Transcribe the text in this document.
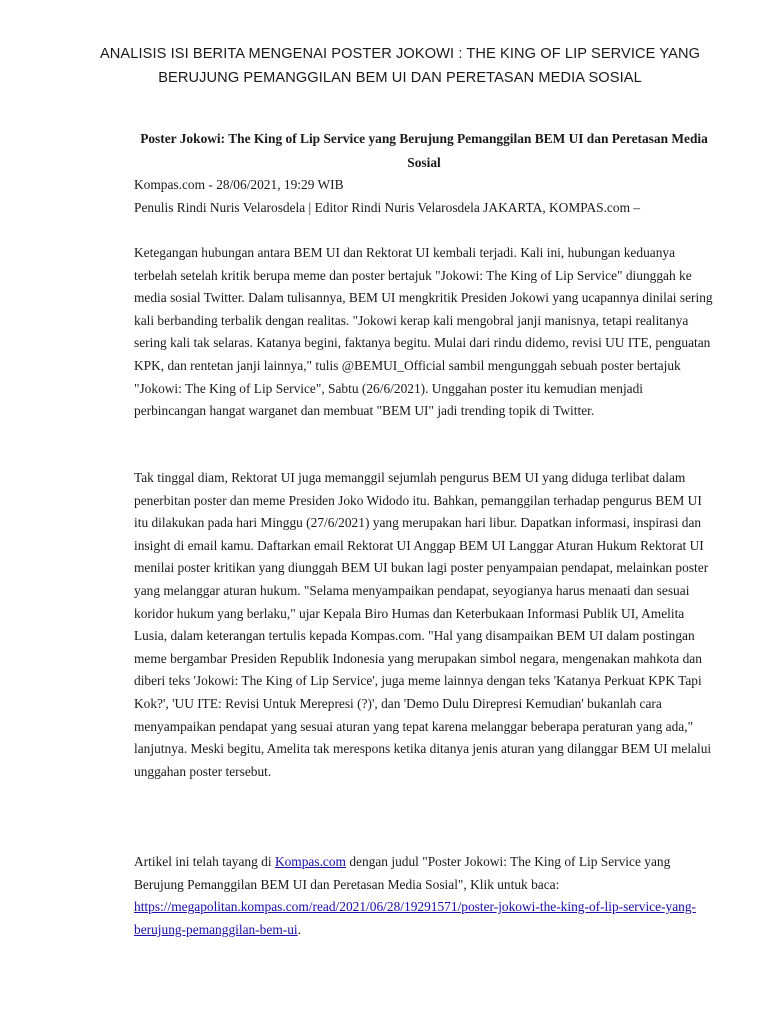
ANALISIS ISI BERITA MENGENAI POSTER JOKOWI : THE KING OF LIP SERVICE YANG BERUJUNG PEMANGGILAN BEM UI DAN PERETASAN MEDIA SOSIAL
Poster Jokowi: The King of Lip Service yang Berujung Pemanggilan BEM UI dan Peretasan Media Sosial
Kompas.com - 28/06/2021, 19:29 WIB
Penulis Rindi Nuris Velarosdela | Editor Rindi Nuris Velarosdela JAKARTA, KOMPAS.com –

Ketegangan hubungan antara BEM UI dan Rektorat UI kembali terjadi. Kali ini, hubungan keduanya terbelah setelah kritik berupa meme dan poster bertajuk "Jokowi: The King of Lip Service" diunggah ke media sosial Twitter. Dalam tulisannya, BEM UI mengkritik Presiden Jokowi yang ucapannya dinilai sering kali berbanding terbalik dengan realitas. "Jokowi kerap kali mengobral janji manisnya, tetapi realitanya sering kali tak selaras. Katanya begini, faktanya begitu. Mulai dari rindu didemo, revisi UU ITE, penguatan KPK, dan rentetan janji lainnya," tulis @BEMUI_Official sambil mengunggah sebuah poster bertajuk "Jokowi: The King of Lip Service", Sabtu (26/6/2021). Unggahan poster itu kemudian menjadi perbincangan hangat warganet dan membuat "BEM UI" jadi trending topik di Twitter.

Tak tinggal diam, Rektorat UI juga memanggil sejumlah pengurus BEM UI yang diduga terlibat dalam penerbitan poster dan meme Presiden Joko Widodo itu. Bahkan, pemanggilan terhadap pengurus BEM UI itu dilakukan pada hari Minggu (27/6/2021) yang merupakan hari libur. Dapatkan informasi, inspirasi dan insight di email kamu. Daftarkan email Rektorat UI Anggap BEM UI Langgar Aturan Hukum Rektorat UI menilai poster kritikan yang diunggah BEM UI bukan lagi poster penyampaian pendapat, melainkan poster yang melanggar aturan hukum. "Selama menyampaikan pendapat, seyogianya harus menaati dan sesuai koridor hukum yang berlaku," ujar Kepala Biro Humas dan Keterbukaan Informasi Publik UI, Amelita Lusia, dalam keterangan tertulis kepada Kompas.com. "Hal yang disampaikan BEM UI dalam postingan meme bergambar Presiden Republik Indonesia yang merupakan simbol negara, mengenakan mahkota dan diberi teks 'Jokowi: The King of Lip Service', juga meme lainnya dengan teks 'Katanya Perkuat KPK Tapi Kok?', 'UU ITE: Revisi Untuk Merepresi (?)', dan 'Demo Dulu Direpresi Kemudian' bukanlah cara menyampaikan pendapat yang sesuai aturan yang tepat karena melanggar beberapa peraturan yang ada," lanjutnya. Meski begitu, Amelita tak merespons ketika ditanya jenis aturan yang dilanggar BEM UI melalui unggahan poster tersebut.

Artikel ini telah tayang di Kompas.com dengan judul "Poster Jokowi: The King of Lip Service yang Berujung Pemanggilan BEM UI dan Peretasan Media Sosial", Klik untuk baca: https://megapolitan.kompas.com/read/2021/06/28/19291571/poster-jokowi-the-king-of-lip-service-yang-berujung-pemanggilan-bem-ui.
